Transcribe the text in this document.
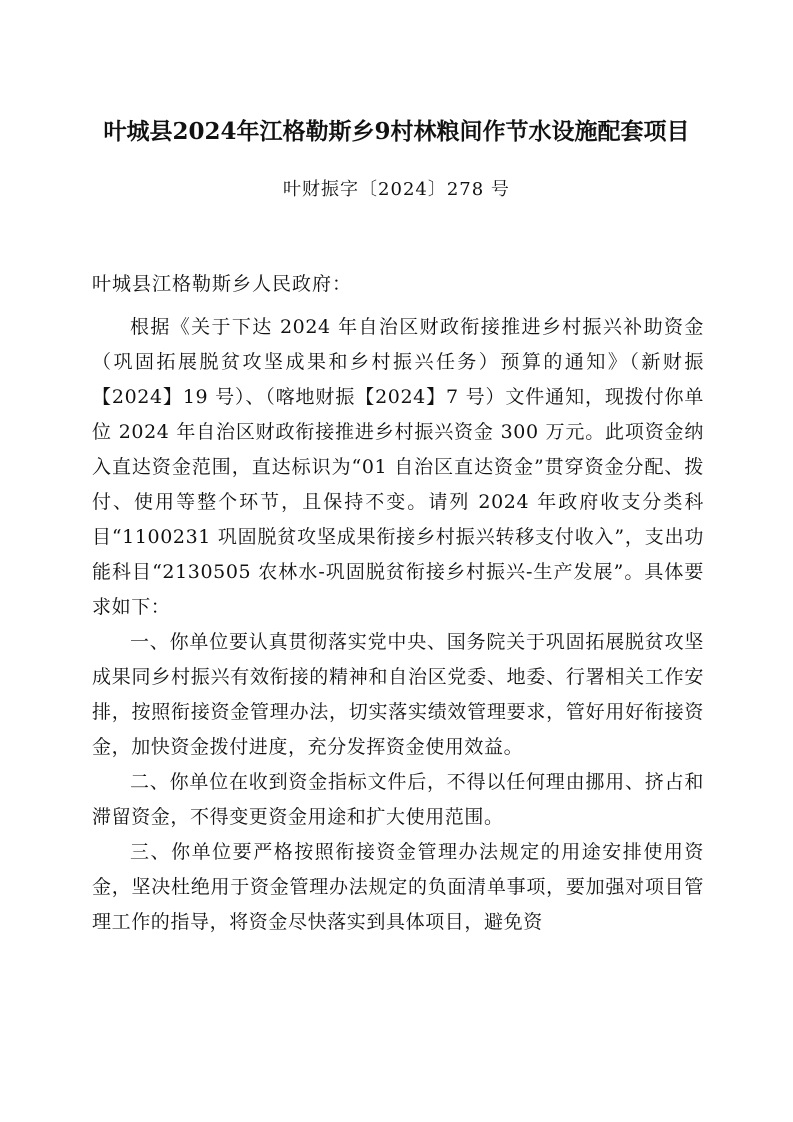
叶城县2024年江格勒斯乡9村林粮间作节水设施配套项目
叶财振字〔2024〕278 号
叶城县江格勒斯乡人民政府：

根据《关于下达 2024 年自治区财政衔接推进乡村振兴补助资金（巩固拓展脱贫攻坚成果和乡村振兴任务）预算的通知》（新财振【2024】19 号）、（喀地财振【2024】7 号）文件通知，现拨付你单位 2024 年自治区财政衔接推进乡村振兴资金 300 万元。此项资金纳入直达资金范围，直达标识为“01 自治区直达资金”贯穿资金分配、拨付、使用等整个环节，且保持不变。请列 2024 年政府收支分类科目“1100231 巩固脱贫攻坚成果衔接乡村振兴转移支付收入”，支出功能科目“2130505 农林水-巩固脱贫衔接乡村振兴-生产发展”。具体要求如下：

一、你单位要认真贯彻落实党中央、国务院关于巩固拓展脱贫攻坚成果同乡村振兴有效衔接的精神和自治区党委、地委、行署相关工作安排，按照衔接资金管理办法，切实落实绩效管理要求，管好用好衔接资金，加快资金拨付进度，充分发挥资金使用效益。

二、你单位在收到资金指标文件后，不得以任何理由挪用、挤占和滞留资金，不得变更资金用途和扩大使用范围。

三、你单位要严格按照衔接资金管理办法规定的用途安排使用资金，坚决杜绝用于资金管理办法规定的负面清单事项，要加强对项目管理工作的指导，将资金尽快落实到具体项目，避免资
